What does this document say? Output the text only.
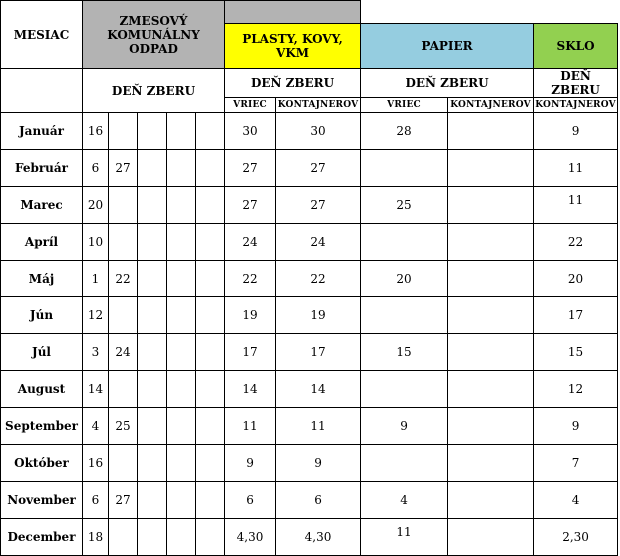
MESIAC	ZMESOVÝ KOMUNÁLNY ODPAD									
						PLASTY, KOVY, VKM		PAPIER		SKLO

	DEŇ ZBERU					DEŇ ZBERU		DEŇ ZBERU		DEŇ ZBERU
						VRIEC	KONTAJNEROV	VRIEC	KONTAJNEROV	KONTAJNEROV
Január	16					30	30	28		9
Február	6	27				27	27			11
Marec	20					27	27	25		11
Apríl	10					24	24			22
Máj	1	22				22	22	20		20
Jún	12					19	19			17
Júl	3	24				17	17	15		15
August	14					14	14			12
September	4	25				11	11	9		9
Október	16					9	9			7
November	6	27				6	6	4		4
December	18					4,30	4,30	11		2,30
